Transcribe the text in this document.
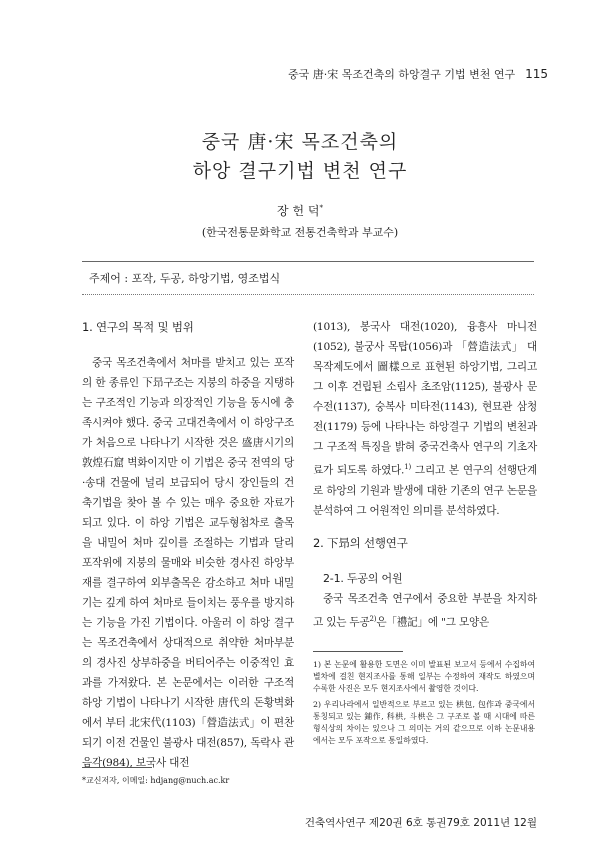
중국 唐·宋 목조건축의 하앙결구 기법 변천 연구 115
중국 唐·宋 목조건축의
하앙 결구기법 변천 연구
장 헌 덕*
(한국전통문화학교 전통건축학과 부교수)
주제어 : 포작, 두공, 하앙기법, 영조법식

1. 연구의 목적 및 범위

중국 목조건축에서 처마를 받치고 있는 포작의 한 종류인 下昻구조는 지붕의 하중을 지탱하는 구조적인 기능과 의장적인 기능을 동시에 충족시켜야 했다. 중국 고대건축에서 이 하앙구조가 처음으로 나타나기 시작한 것은 盛唐시기의 敦煌石窟 벽화이지만 이 기법은 중국 전역의 당·송대 건물에 널리 보급되어 당시 장인들의 건축기법을 찾아 볼 수 있는 매우 중요한 자료가 되고 있다. 이 하앙 기법은 교두형첨차로 출목을 내밀어 처마 깊이를 조절하는 기법과 달리 포작위에 지붕의 물매와 비슷한 경사진 하앙부재를 결구하여 외부출목은 감소하고 처마 내밀기는 깊게 하여 처마로 들이치는 풍우를 방지하는 기능을 가진 기법이다. 아울러 이 하앙 결구는 목조건축에서 상대적으로 취약한 처마부분의 경사진 상부하중을 버티어주는 이중적인 효과를 가져왔다. 본 논문에서는 이러한 구조적 하앙 기법이 나타나기 시작한 唐代의 돈황벽화에서 부터 北宋代(1103)「營造法式」이 편찬되기 이전 건물인 불광사 대전(857), 독락사 관음각(984), 보국사 대전

(1013), 봉국사 대전(1020), 융흥사 마니전(1052), 불궁사 목탑(1056)과 「營造法式」 대목작제도에서 圖樣으로 표현된 하앙기법, 그리고 그 이후 건립된 소림사 초조암(1125), 불광사 문수전(1137), 숭복사 미타전(1143), 현묘관 삼청전(1179) 등에 나타나는 하앙결구 기법의 변천과 그 구조적 특징을 밝혀 중국건축사 연구의 기초자료가 되도록 하였다.$^{1)}$ 그리고 본 연구의 선행단계로 하앙의 기원과 발생에 대한 기존의 연구 논문을 분석하여 그 어원적인 의미를 분석하였다.

2. 下昻의 선행연구

2-1. 두공의 어원

중국 목조건축 연구에서 중요한 부분을 차지하고 있는 두공$^{2)}$은「禮記」에 "그 모양은

1) 본 논문에 활용한 도면은 이미 발표된 보고서 등에서 수집하여 별차에 걸친 현지조사를 통해 일부는 수정하여 재작도 하였으며 수록한 사진은 모두 현지조사에서 촬영한 것이다.

2) 우리나라에서 일반적으로 부르고 있는 栱包, 包作과 중국에서 통칭되고 있는 鋪作, 科栱, 斗栱은 그 구조로 볼 때 시대에 따른 형식상의 차이는 있으나 그 의미는 거의 같으므로 이하 논문내용에서는 모두 포작으로 통일하였다.

*교신저자, 이메일: hdjang@nuch.ac.kr
건축역사연구 제20권 6호 통권79호 2011년 12월
